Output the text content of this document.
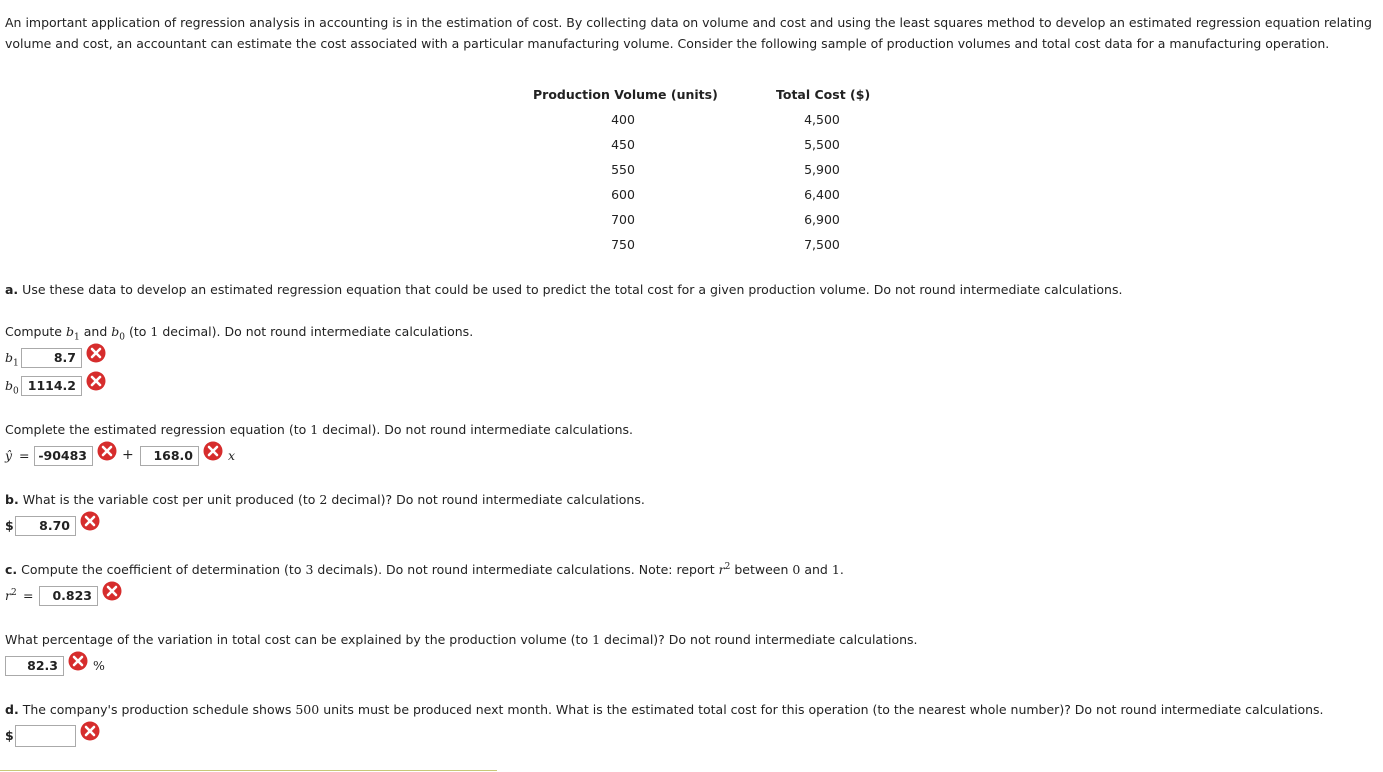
An important application of regression analysis in accounting is in the estimation of cost. By collecting data on volume and cost and using the least squares method to develop an estimated regression equation relating volume and cost, an accountant can estimate the cost associated with a particular manufacturing volume. Consider the following sample of production volumes and total cost data for a manufacturing operation.
Production Volume (units)	Total Cost ($)
400	4,500
450	5,500
550	5,900
600	6,400
700	6,900
750	7,500
a. Use these data to develop an estimated regression equation that could be used to predict the total cost for a given production volume. Do not round intermediate calculations.
Compute $b_1$ and $b_0$ (to 1 decimal). Do not round intermediate calculations.
$b_1$	8.7
$b_0$ 1114.2
Complete the estimated regression equation (to 1 decimal). Do not round intermediate calculations.
ŷ = -90483	+	168.0	x
b. What is the variable cost per unit produced (to 2 decimal)? Do not round intermediate calculations.
$	8.70
c. Compute the coefficient of determination (to 3 decimals). Do not round intermediate calculations. Note: report $r^2$ between 0 and 1.
$r^2$ =	0.823
What percentage of the variation in total cost can be explained by the production volume (to 1 decimal)? Do not round intermediate calculations.
82.3	%
d. The company's production schedule shows 500 units must be produced next month. What is the estimated total cost for this operation (to the nearest whole number)? Do not round intermediate calculations.
$
